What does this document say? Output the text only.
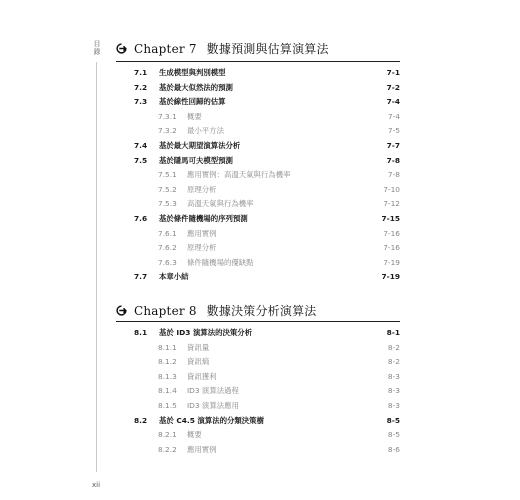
目錄
xii
Chapter 7 數據預測與估算演算法
7.1 生成模型與判別模型	7-1
7.2 基於最大似然法的預測	7-2
7.3 基於線性回歸的估算	7-4
7.3.1 概要	7-4
7.3.2 最小平方法	7-5
7.4 基於最大期望演算法分析	7-7
7.5 基於隱馬可夫模型預測	7-8
7.5.1 應用實例：高溫天氣與行為機率	7-8
7.5.2 原理分析	7-10
7.5.3 高溫天氣與行為機率	7-12
7.6 基於條件隨機場的序列預測	7-15
7.6.1 應用實例	7-16
7.6.2 原理分析	7-16
7.6.3 條件隨機場的優缺點	7-19
7.7 本章小結	7-19
Chapter 8 數據決策分析演算法
8.1 基於 ID3 演算法的決策分析	8-1
8.1.1 資訊量	8-2
8.1.2 資訊熵	8-2
8.1.3 資訊獲利	8-3
8.1.4 ID3 演算法過程	8-3
8.1.5 ID3 演算法應用	8-3
8.2 基於 C4.5 演算法的分類決策樹	8-5
8.2.1 概要	8-5
8.2.2 應用實例	8-6
